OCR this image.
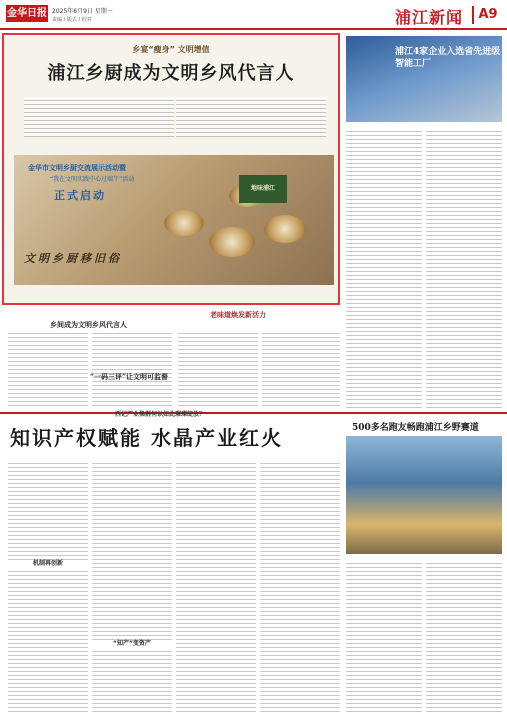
金华日报 2025年6月9日 星期一
责编 / 版式 / 校对	浦江新闻	A9
乡宴“瘦身” 文明增值
浦江乡厨成为文明乡风代言人
金华市文明乡厨交流展示活动暨
“我在文明实践中心过端午”活动
正式启动
地味浦江
文明乡厨移旧俗
老味道焕发新活力
乡间成为文明乡风代言人
“一码三评”让文明可监督
浦江4家企业入选省先进级智能工厂
西记产业集群何以如此璀璨绽放？
知识产权赋能 水晶产业红火
机制再创新
“知产”变资产
500多名跑友畅跑浦江乡野赛道
